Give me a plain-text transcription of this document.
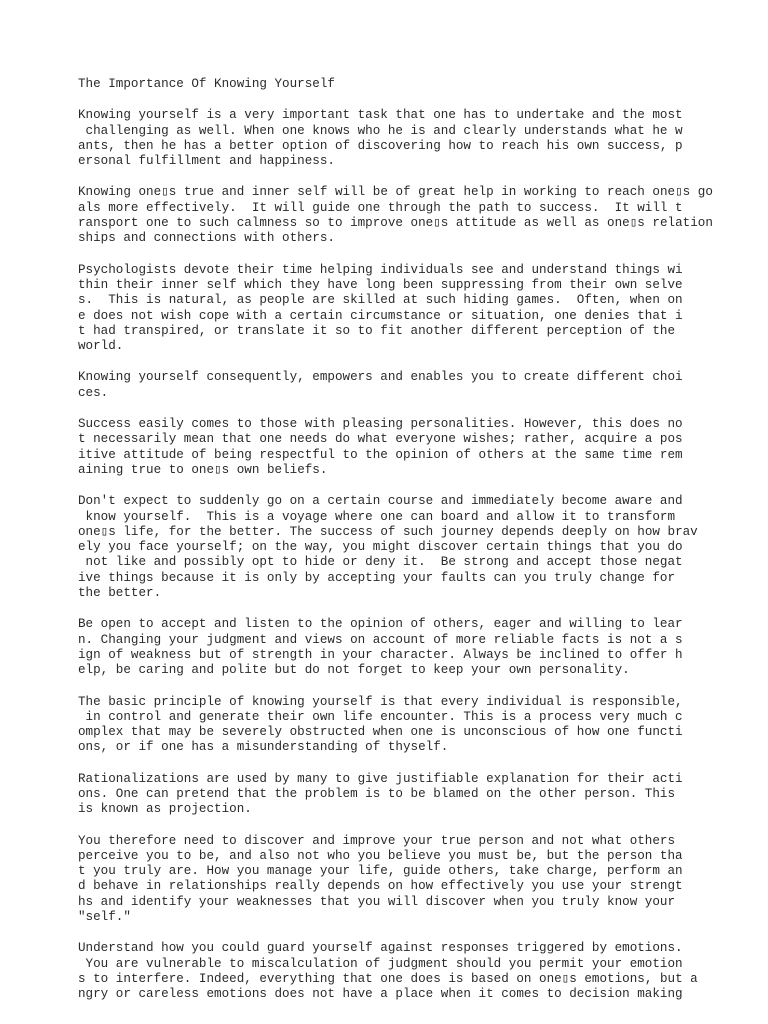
The Importance Of Knowing Yourself
Knowing yourself is a very important task that one has to undertake and the most
challenging as well. When one knows who he is and clearly understands what he w
ants, then he has a better option of discovering how to reach his own success, p
ersonal fulfillment and happiness.
Knowing one▯s true and inner self will be of great help in working to reach one▯s go
als more effectively.  It will guide one through the path to success.  It will t
ransport one to such calmness so to improve one▯s attitude as well as one▯s relation
ships and connections with others.
Psychologists devote their time helping individuals see and understand things wi
thin their inner self which they have long been suppressing from their own selve
s.  This is natural, as people are skilled at such hiding games.  Often, when on
e does not wish cope with a certain circumstance or situation, one denies that i
t had transpired, or translate it so to fit another different perception of the
world.
Knowing yourself consequently, empowers and enables you to create different choi
ces.
Success easily comes to those with pleasing personalities. However, this does no
t necessarily mean that one needs do what everyone wishes; rather, acquire a pos
itive attitude of being respectful to the opinion of others at the same time rem
aining true to one▯s own beliefs.
Don't expect to suddenly go on a certain course and immediately become aware and
know yourself.  This is a voyage where one can board and allow it to transform
one▯s life, for the better. The success of such journey depends deeply on how brav
ely you face yourself; on the way, you might discover certain things that you do
not like and possibly opt to hide or deny it.  Be strong and accept those negat
ive things because it is only by accepting your faults can you truly change for
the better.
Be open to accept and listen to the opinion of others, eager and willing to lear
n. Changing your judgment and views on account of more reliable facts is not a s
ign of weakness but of strength in your character. Always be inclined to offer h
elp, be caring and polite but do not forget to keep your own personality.
The basic principle of knowing yourself is that every individual is responsible,
in control and generate their own life encounter. This is a process very much c
omplex that may be severely obstructed when one is unconscious of how one functi
ons, or if one has a misunderstanding of thyself.
Rationalizations are used by many to give justifiable explanation for their acti
ons. One can pretend that the problem is to be blamed on the other person. This
is known as projection.
You therefore need to discover and improve your true person and not what others
perceive you to be, and also not who you believe you must be, but the person tha
t you truly are. How you manage your life, guide others, take charge, perform an
d behave in relationships really depends on how effectively you use your strengt
hs and identify your weaknesses that you will discover when you truly know your
"self."
Understand how you could guard yourself against responses triggered by emotions.
You are vulnerable to miscalculation of judgment should you permit your emotion
s to interfere. Indeed, everything that one does is based on one▯s emotions, but a
ngry or careless emotions does not have a place when it comes to decision making
